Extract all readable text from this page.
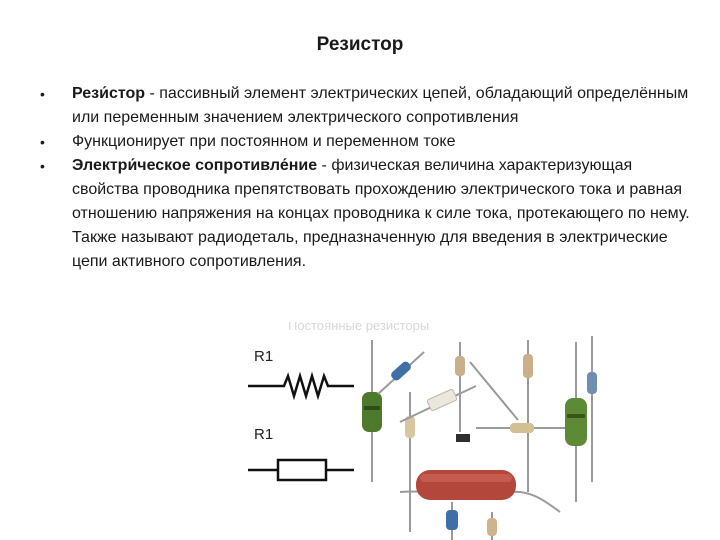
Резистор
•	Рези́стор - пассивный элемент электрических цепей, обладающий определённым или переменным значением электрического сопротивления
•	Функционирует при постоянном и переменном токе
•	Электри́ческое сопротивле́ние - физическая величина характеризующая свойства проводника препятствовать прохождению электрического тока и равная отношению напряжения на концах проводника к силе тока, протекающего по нему. Также называют радиодеталь, предназначенную для введения в электрические цепи активного сопротивления.
Постоянные резисторы
R1
R1
